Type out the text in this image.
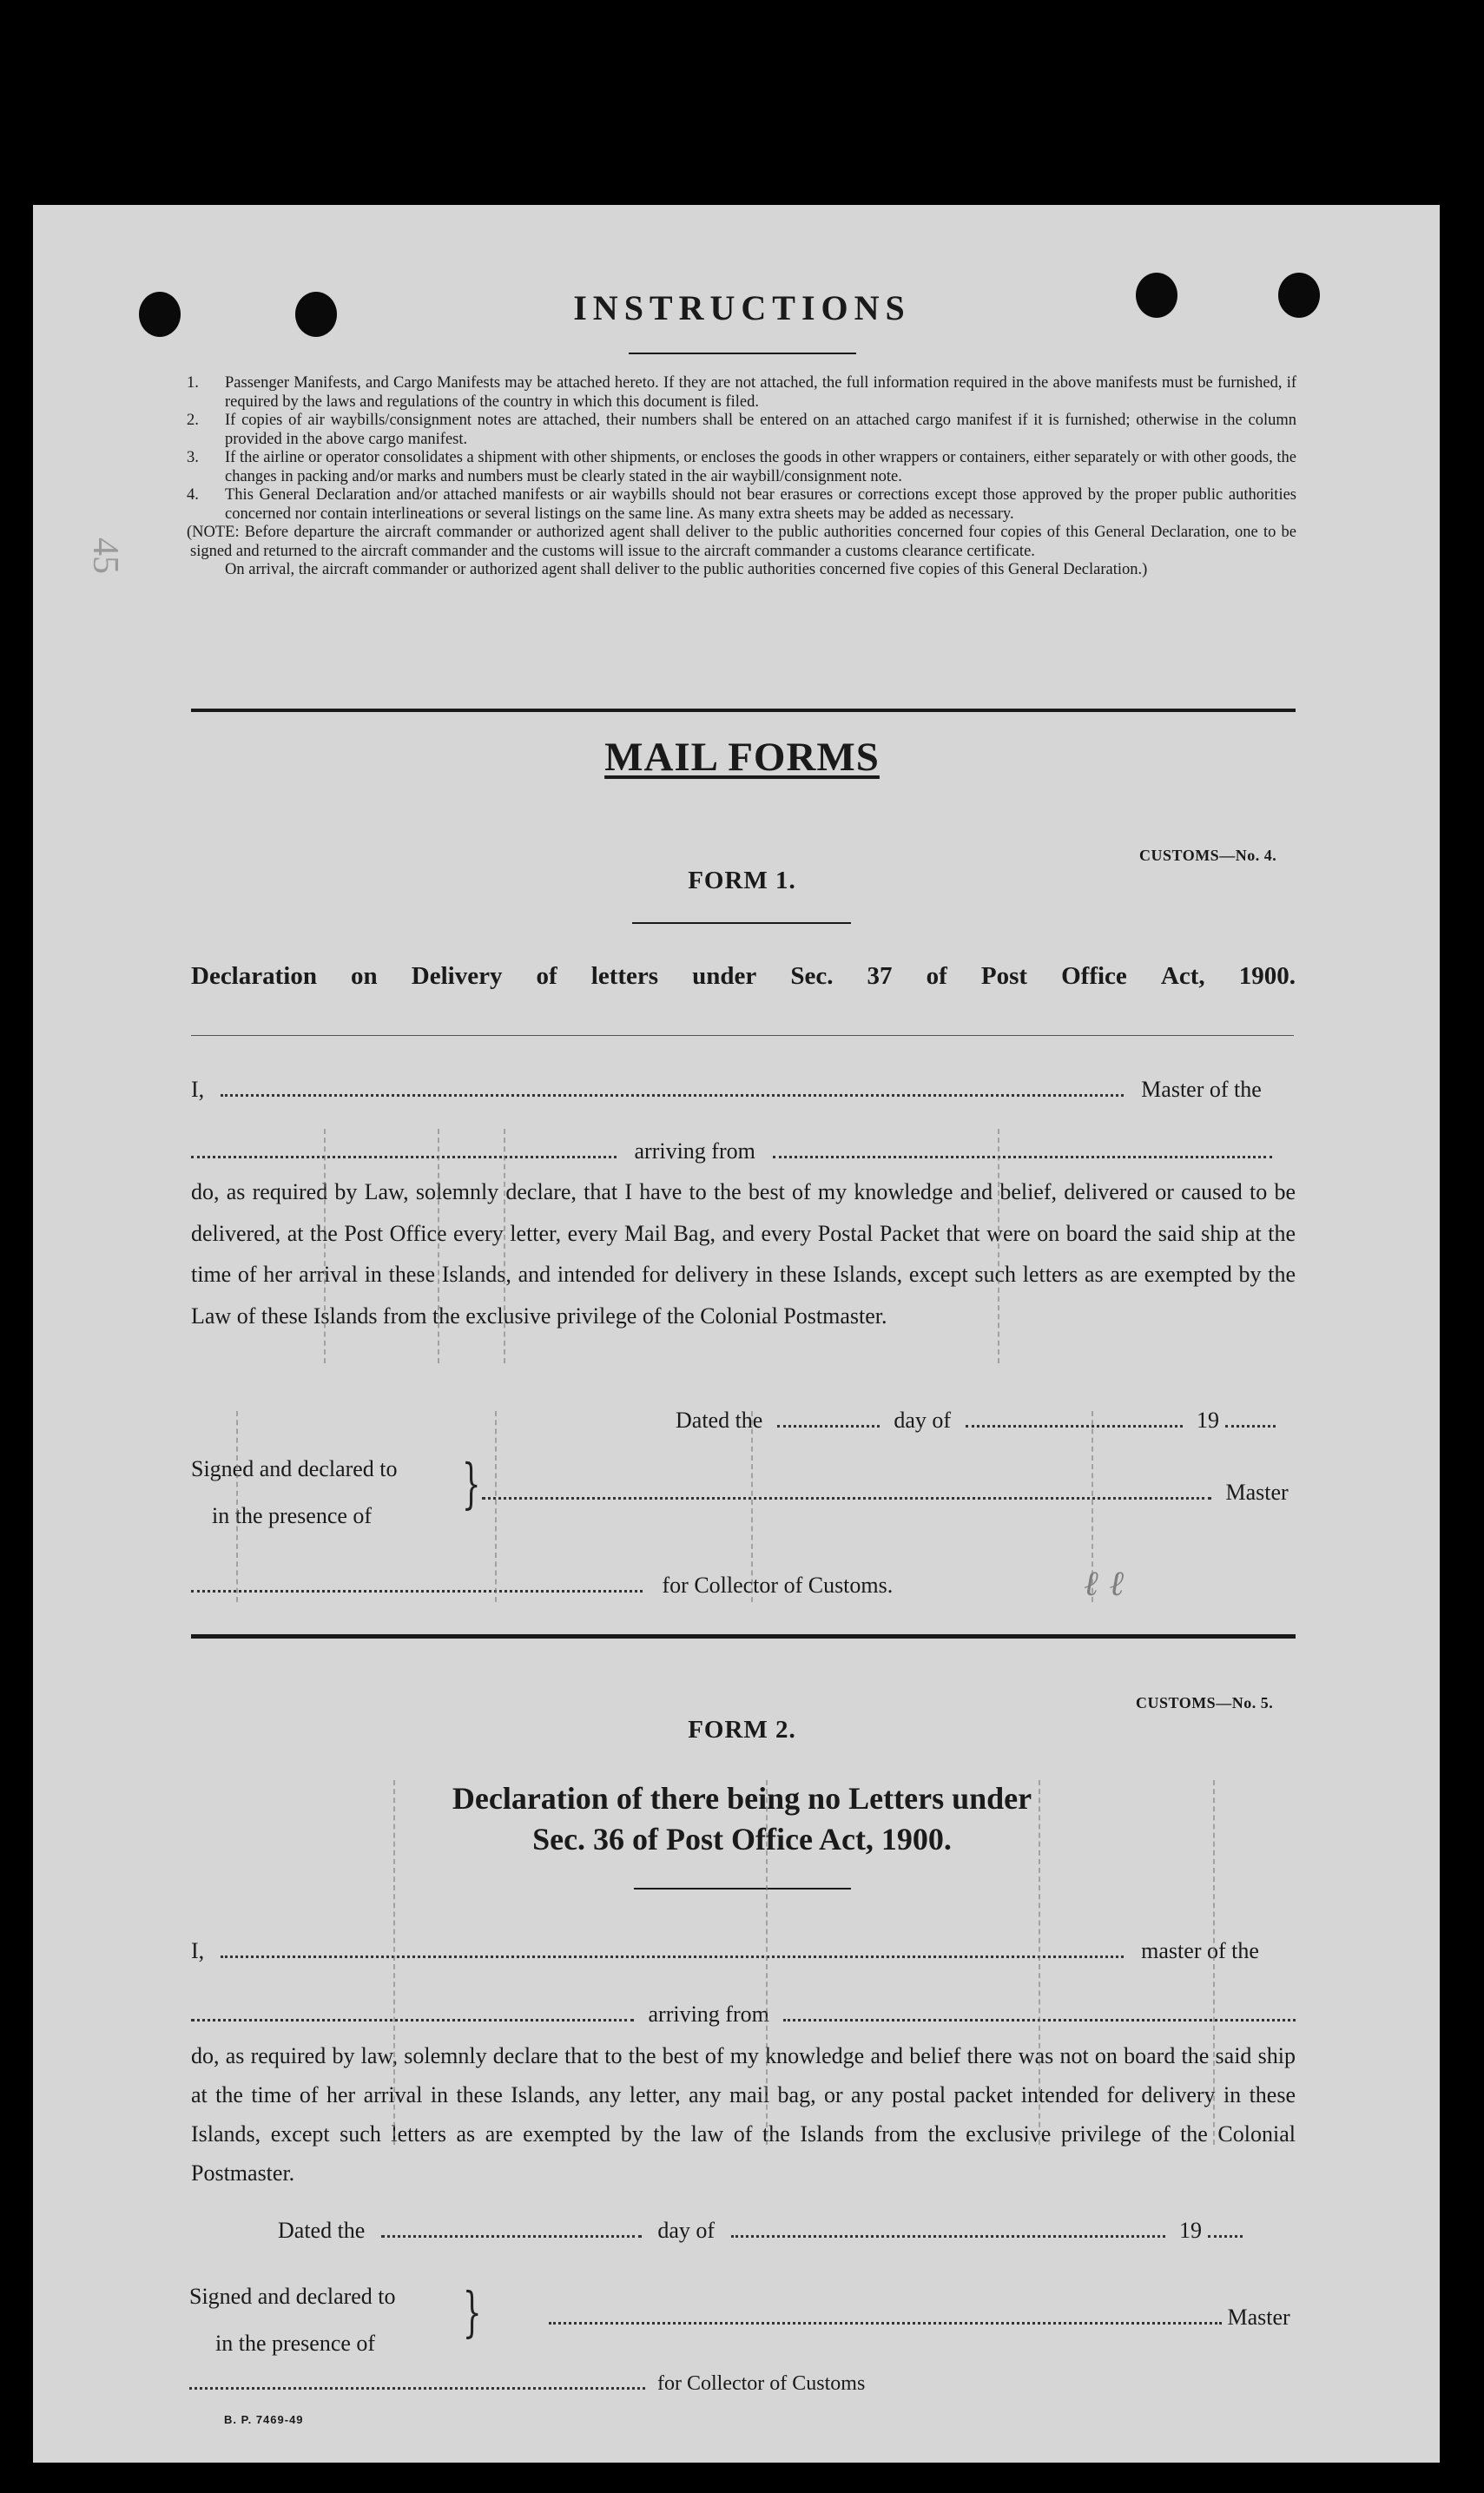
45
INSTRUCTIONS
1.	Passenger Manifests, and Cargo Manifests may be attached hereto. If they are not attached, the full information required in the above manifests must be furnished, if required by the laws and regulations of the country in which this document is filed.
2.	If copies of air waybills/consignment notes are attached, their numbers shall be entered on an attached cargo manifest if it is furnished; otherwise in the column provided in the above cargo manifest.
3.	If the airline or operator consolidates a shipment with other shipments, or encloses the goods in other wrappers or containers, either separately or with other goods, the changes in packing and/or marks and numbers must be clearly stated in the air waybill/consignment note.
4.	This General Declaration and/or attached manifests or air waybills should not bear erasures or corrections except those approved by the proper public authorities concerned nor contain interlineations or several listings on the same line. As many extra sheets may be added as necessary.
(NOTE: Before departure the aircraft commander or authorized agent shall deliver to the public authorities concerned four copies of this General Declaration, one to be signed and returned to the aircraft commander and the customs will issue to the aircraft commander a customs clearance certificate.
On arrival, the aircraft commander or authorized agent shall deliver to the public authorities concerned five copies of this General Declaration.)
MAIL FORMS
CUSTOMS—No. 4.
FORM 1.
Declaration on Delivery of letters under Sec. 37 of Post Office Act, 1900.
I,	Master of the
arriving from
do, as required by Law, solemnly declare, that I have to the best of my knowledge and belief, delivered or caused to be delivered, at the Post Office every letter, every Mail Bag, and every Postal Packet that were on board the said ship at the time of her arrival in these Islands, and intended for delivery in these Islands, except such letters as are exempted by the Law of these Islands from the exclusive privilege of the Colonial Postmaster.
Dated the	day of	19
Signed and declared to
in the presence of
}	Master
for Collector of Customs.
CUSTOMS—No. 5.
FORM 2.
Declaration of there being no Letters under
Sec. 36 of Post Office Act, 1900.
I,	master of the
arriving from
do, as required by law, solemnly declare that to the best of my knowledge and belief there was not on board the said ship at the time of her arrival in these Islands, any letter, any mail bag, or any postal packet intended for delivery in these Islands, except such letters as are exempted by the law of the Islands from the exclusive privilege of the Colonial Postmaster.
Dated the	day of	19
Signed and declared to
in the presence of }	Master
for Collector of Customs
B. P. 7469-49
ℓ ℓ
